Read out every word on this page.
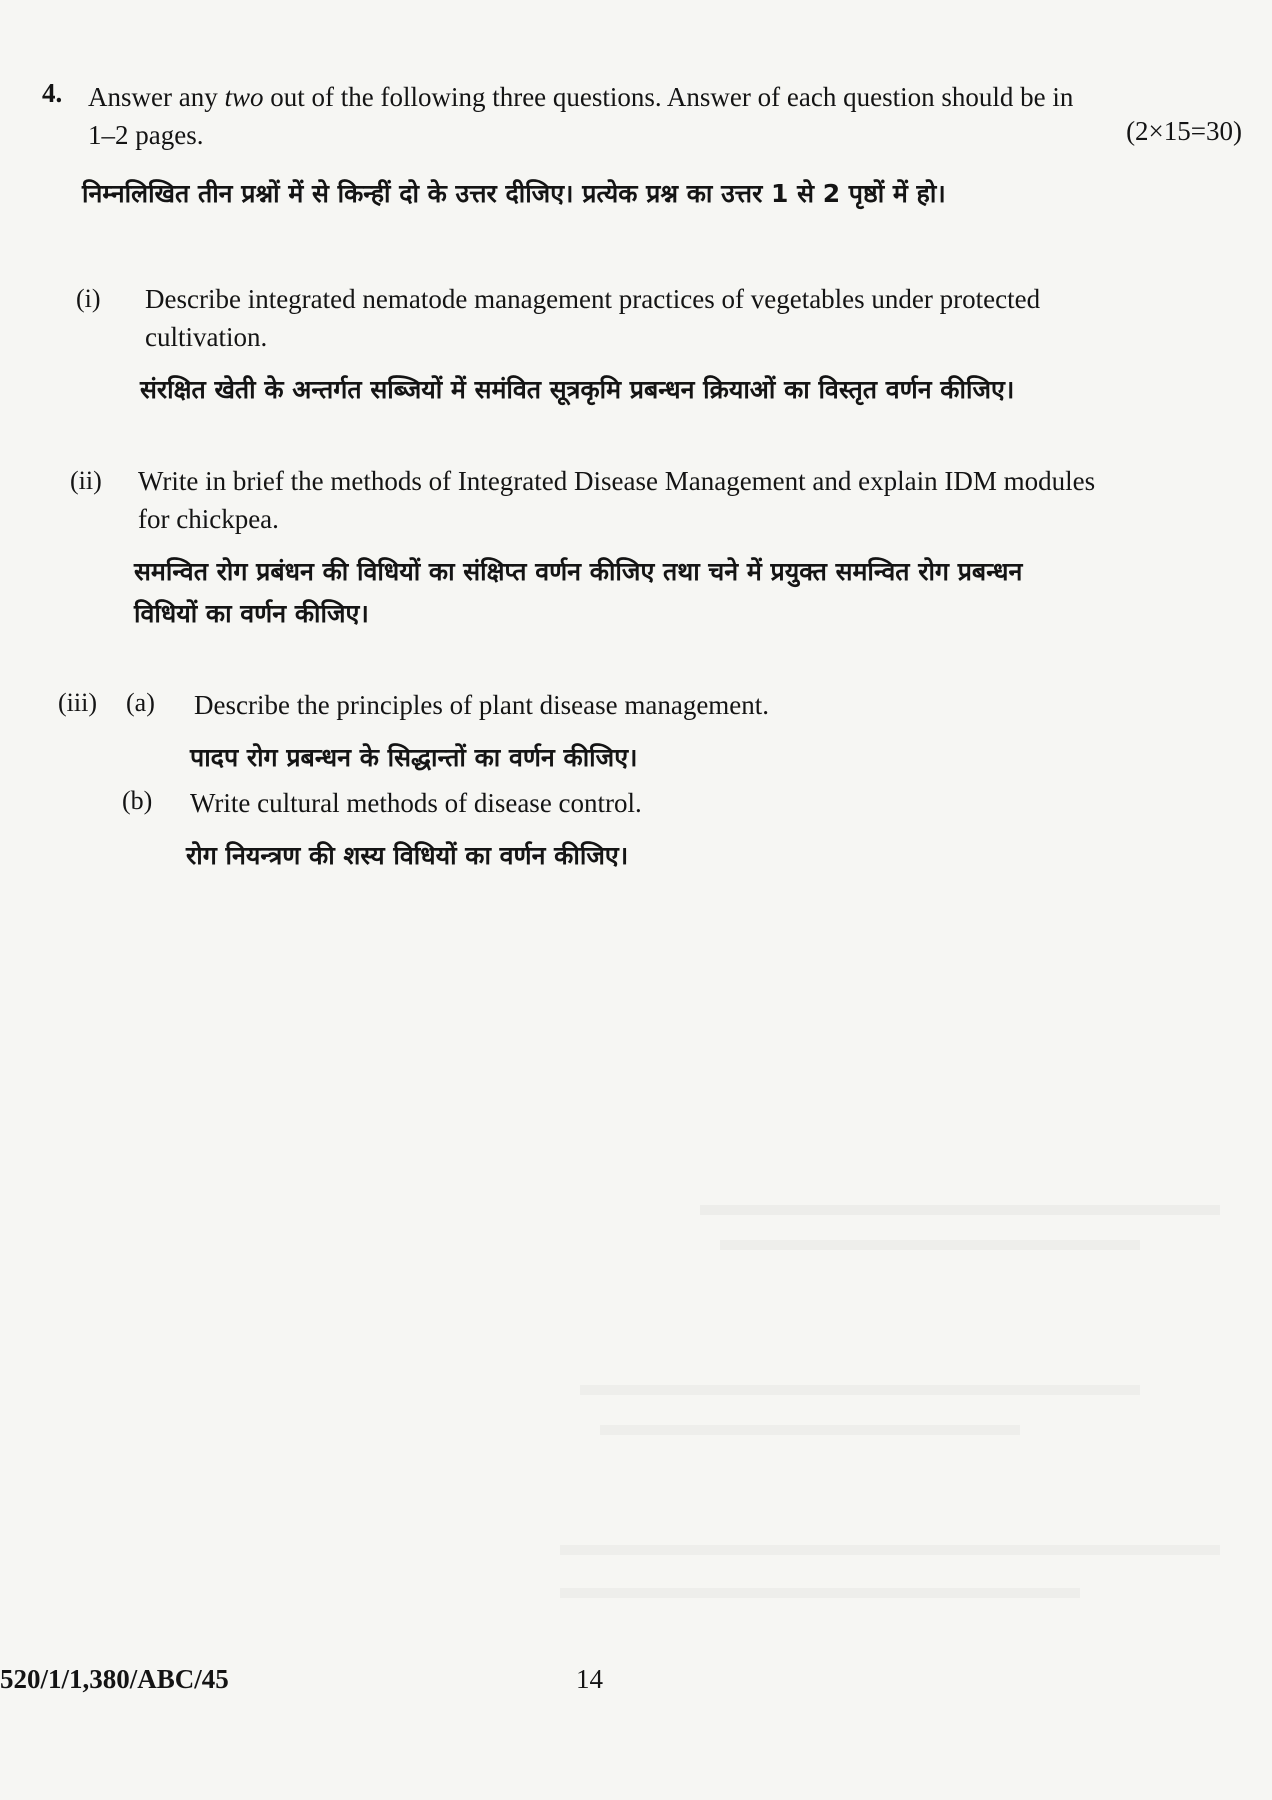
4. Answer any two out of the following three questions. Answer of each question should be in
1–2 pages.	(2×15=30)
निम्नलिखित तीन प्रश्नों में से किन्हीं दो के उत्तर दीजिए। प्रत्येक प्रश्न का उत्तर 1 से 2 पृष्ठों में हो।
(i) Describe integrated nematode management practices of vegetables under protected
cultivation.
संरक्षित खेती के अन्तर्गत सब्जियों में समंवित सूत्रकृमि प्रबन्धन क्रियाओं का विस्तृत वर्णन कीजिए।
(ii) Write in brief the methods of Integrated Disease Management and explain IDM modules
for chickpea.
समन्वित रोग प्रबंधन की विधियों का संक्षिप्त वर्णन कीजिए तथा चने में प्रयुक्त समन्वित रोग प्रबन्धन
विधियों का वर्णन कीजिए।
(iii) (a) Describe the principles of plant disease management.
पादप रोग प्रबन्धन के सिद्धान्तों का वर्णन कीजिए।
(b) Write cultural methods of disease control.
रोग नियन्त्रण की शस्य विधियों का वर्णन कीजिए।
520/1/1,380/ABC/45	14
